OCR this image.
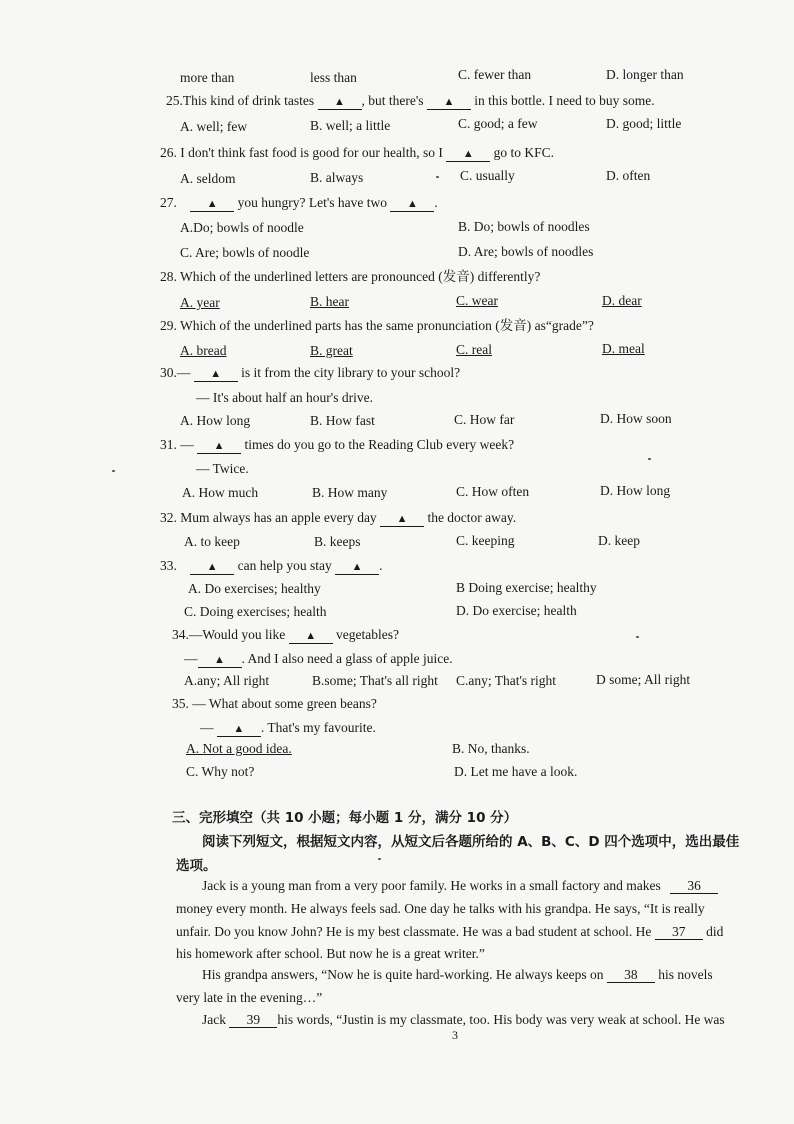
more than	less than	C. fewer than	D. longer than
25.This kind of drink tastes ▲ , but there's ▲ in this bottle. I need to buy some.
A. well; few	B. well; a little	C. good; a few	D. good; little
26. I don't think fast food is good for our health, so I ▲ go to KFC.
A. seldom	B. always	C. usually	D. often
27.	▲ you hungry? Let's have two ▲ .
A.Do; bowls of noodle	B. Do; bowls of noodles
C. Are; bowls of noodle	D. Are; bowls of noodles
28. Which of the underlined letters are pronounced (发音) differently?
A. year	B. hear	C. wear	D. dear
29. Which of the underlined parts has the same pronunciation (发音) as“grade”?
A. bread	B. great	C. real	D. meal
30.— ▲ is it from the city library to your school?
— It's about half an hour's drive.
A. How long	B. How fast	C. How far	D. How soon
31. — ▲ times do you go to the Reading Club every week?
— Twice.
A. How much	B. How many	C. How often	D. How long
32. Mum always has an apple every day ▲ the doctor away.
A. to keep	B. keeps	C. keeping	D. keep
33.	▲ can help you stay ▲ .
A. Do exercises; healthy	B Doing exercise; healthy
C. Doing exercises; health	D. Do exercise; health
34.—Would you like ▲ vegetables?
— ▲ . And I also need a glass of apple juice.
A.any; All right	B.some; That's all right C.any; That's right	D some; All right
35. — What about some green beans?
— ▲ . That's my favourite.
A. Not a good idea.	B. No, thanks.
C. Why not?	D. Let me have a look.
三、完形填空（共 10 小题；每小题 1 分，满分 10 分）
阅读下列短文，根据短文内容，从短文后各题所给的 A、B、C、D 四个选项中，选出最佳
选项。
Jack is a young man from a very poor family. He works in a small factory and makes 36
money every month. He always feels sad. One day he talks with his grandpa. He says, “It is really
unfair. Do you know John? He is my best classmate. He was a bad student at school. He 37 did
his homework after school. But now he is a great writer.”
His grandpa answers, “Now he is quite hard-working. He always keeps on 38 his novels
very late in the evening…”
Jack 39 his words, “Justin is my classmate, too. His body was very weak at school. He was
3
